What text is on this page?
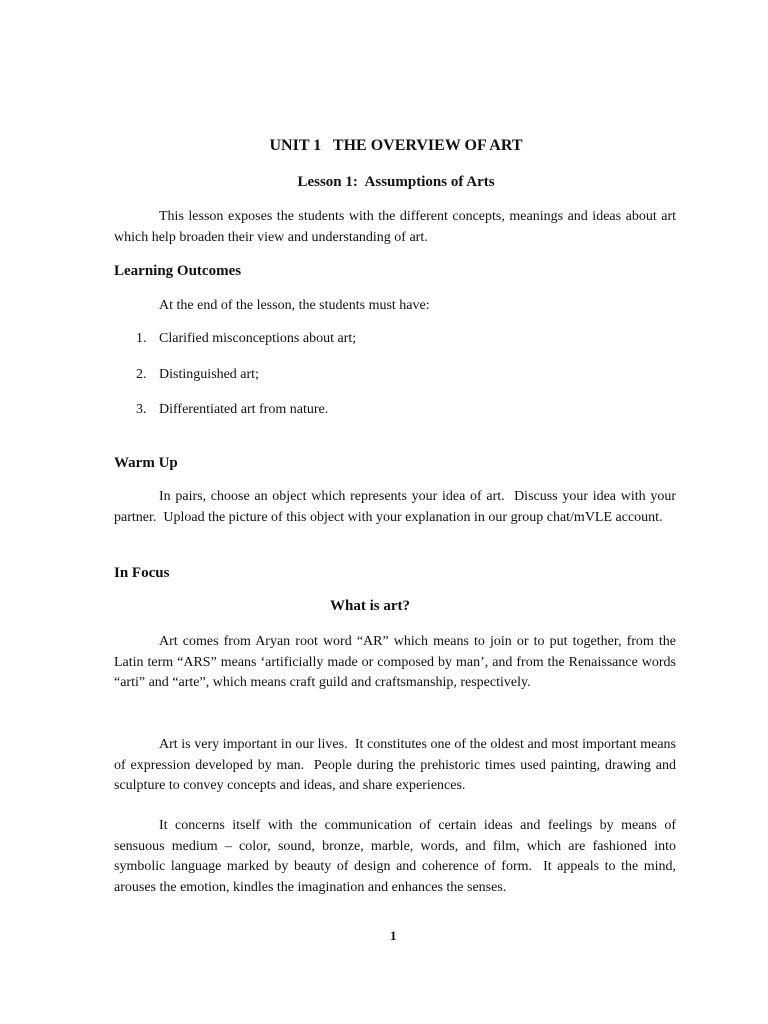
UNIT 1   THE OVERVIEW OF ART
Lesson 1:  Assumptions of Arts

This lesson exposes the students with the different concepts, meanings and ideas about art which help broaden their view and understanding of art.

Learning Outcomes
At the end of the lesson, the students must have:
1. Clarified misconceptions about art;
2. Distinguished art;
3. Differentiated art from nature.
Warm Up

In pairs, choose an object which represents your idea of art.  Discuss your idea with your partner.  Upload the picture of this object with your explanation in our group chat/mVLE account.

In Focus
What is art?

Art comes from Aryan root word “AR” which means to join or to put together, from the Latin term “ARS” means ‘artificially made or composed by man’, and from the Renaissance words “arti” and “arte”, which means craft guild and craftsmanship, respectively.

Art is very important in our lives.  It constitutes one of the oldest and most important means of expression developed by man.  People during the prehistoric times used painting, drawing and sculpture to convey concepts and ideas, and share experiences.

It concerns itself with the communication of certain ideas and feelings by means of sensuous medium – color, sound, bronze, marble, words, and film, which are fashioned into symbolic language marked by beauty of design and coherence of form.  It appeals to the mind, arouses the emotion, kindles the imagination and enhances the senses.

1
